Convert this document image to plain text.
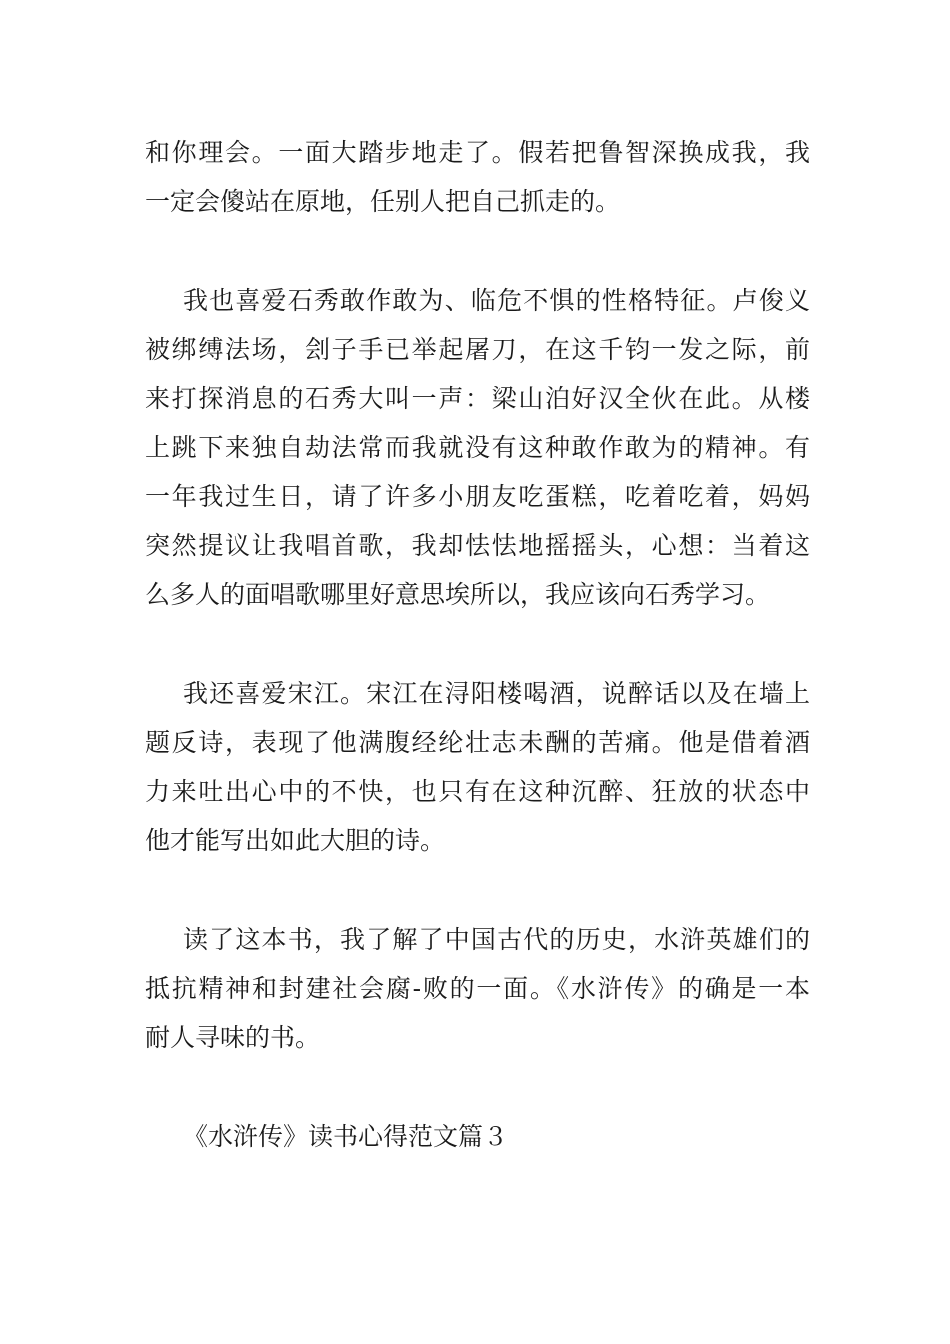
和你理会。一面大踏步地走了。假若把鲁智深换成我，我
一定会傻站在原地，任别人把自己抓走的。
我也喜爱石秀敢作敢为、临危不惧的性格特征。卢俊义
被绑缚法场，刽子手已举起屠刀，在这千钧一发之际，前
来打探消息的石秀大叫一声：梁山泊好汉全伙在此。从楼
上跳下来独自劫法常而我就没有这种敢作敢为的精神。有
一年我过生日，请了许多小朋友吃蛋糕，吃着吃着，妈妈
突然提议让我唱首歌，我却怯怯地摇摇头，心想：当着这
么多人的面唱歌哪里好意思埃所以，我应该向石秀学习。
我还喜爱宋江。宋江在浔阳楼喝酒，说醉话以及在墙上
题反诗，表现了他满腹经纶壮志未酬的苦痛。他是借着酒
力来吐出心中的不快，也只有在这种沉醉、狂放的状态中
他才能写出如此大胆的诗。
读了这本书，我了解了中国古代的历史，水浒英雄们的
抵抗精神和封建社会腐-败的一面。《水浒传》的确是一本
耐人寻味的书。
《水浒传》读书心得范文篇３
